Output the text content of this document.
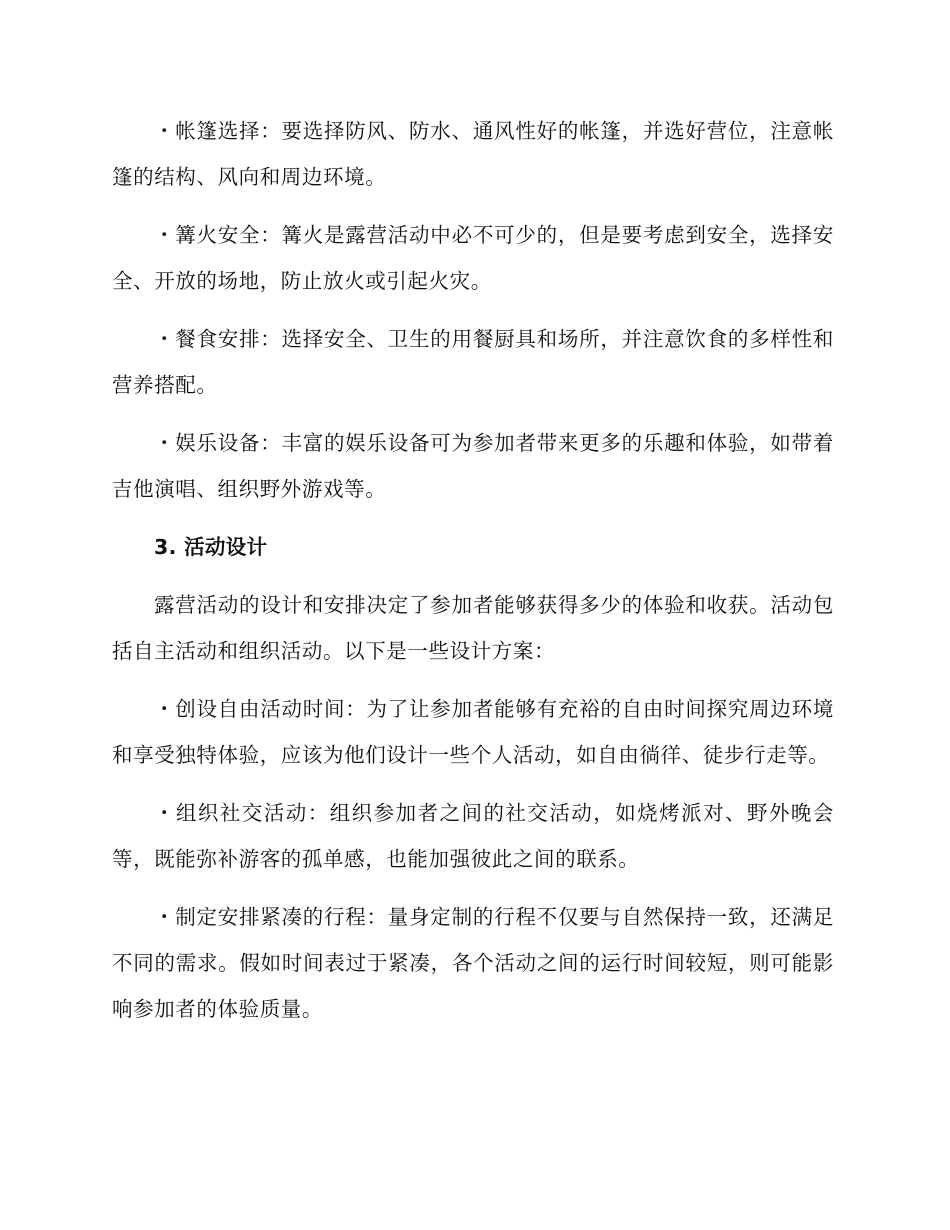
・帐篷选择：要选择防风、防水、通风性好的帐篷，并选好营位，注意帐篷的结构、风向和周边环境。

・篝火安全：篝火是露营活动中必不可少的，但是要考虑到安全，选择安全、开放的场地，防止放火或引起火灾。

・餐食安排：选择安全、卫生的用餐厨具和场所，并注意饮食的多样性和营养搭配。

・娱乐设备：丰富的娱乐设备可为参加者带来更多的乐趣和体验，如带着吉他演唱、组织野外游戏等。

3. 活动设计

露营活动的设计和安排决定了参加者能够获得多少的体验和收获。活动包括自主活动和组织活动。以下是一些设计方案：

・创设自由活动时间：为了让参加者能够有充裕的自由时间探究周边环境和享受独特体验，应该为他们设计一些个人活动，如自由徜徉、徒步行走等。

・组织社交活动：组织参加者之间的社交活动，如烧烤派对、野外晚会等，既能弥补游客的孤单感，也能加强彼此之间的联系。

・制定安排紧凑的行程：量身定制的行程不仅要与自然保持一致，还满足不同的需求。假如时间表过于紧凑，各个活动之间的运行时间较短，则可能影响参加者的体验质量。
